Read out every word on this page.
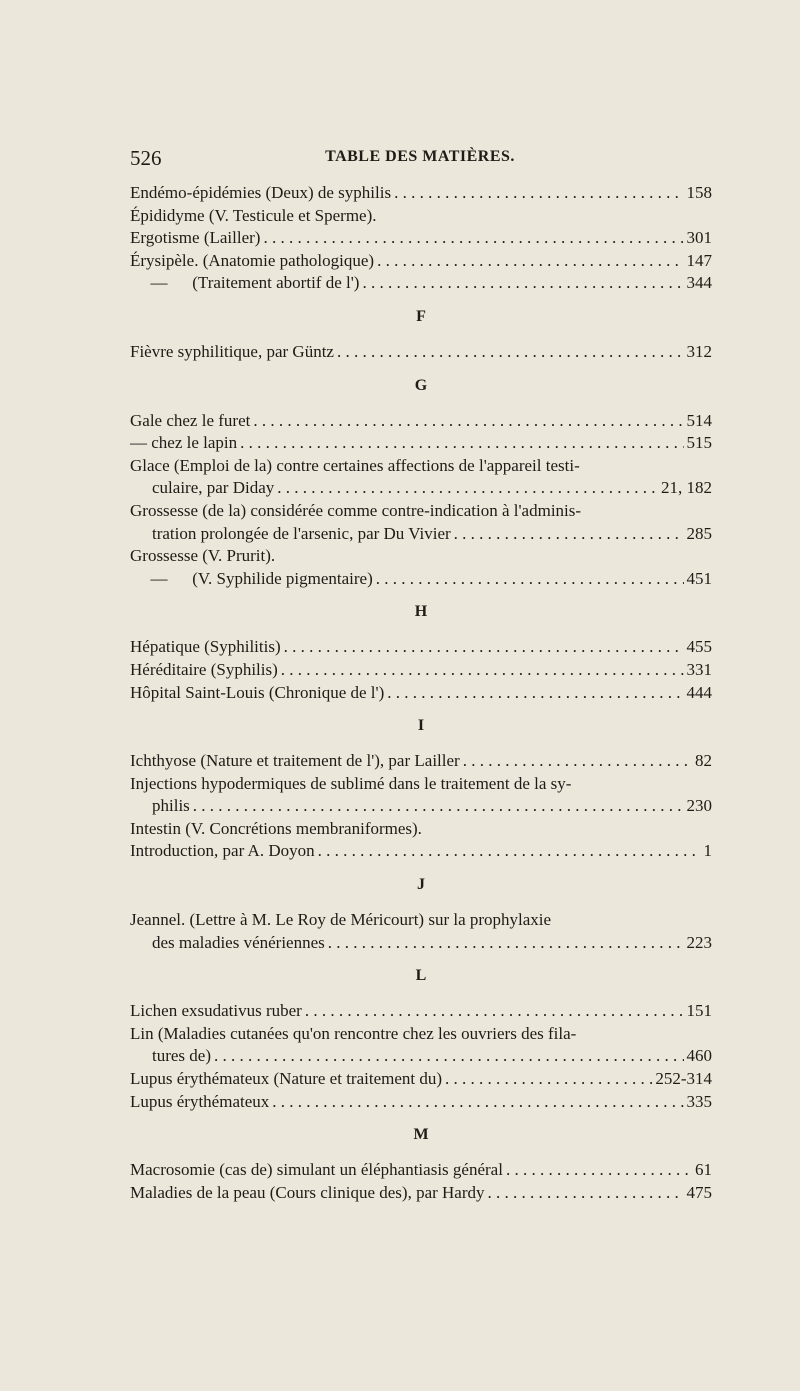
526	TABLE DES MATIÈRES.
Endémo-épidémies (Deux) de syphilis . . .	158
Épididyme (V. Testicule et Sperme).
Ergotisme (Lailler) . . .	301
Érysipèle. (Anatomie pathologique) . . .	147
— (Traitement abortif de l') . . .	344
F
Fièvre syphilitique, par Güntz . . .	312
G
Gale chez le furet . . .	514
— chez le lapin . . .	515
Glace (Emploi de la) contre certaines affections de l'appareil testi-
culaire, par Diday . . .	21, 182
Grossesse (de la) considérée comme contre-indication à l'adminis-
tration prolongée de l'arsenic, par Du Vivier . . .	285
Grossesse (V. Prurit).
— (V. Syphilide pigmentaire) . . .	451
H
Hépatique (Syphilitis) . . .	455
Héréditaire (Syphilis) . . .	331
Hôpital Saint-Louis (Chronique de l') . . .	444
I
Ichthyose (Nature et traitement de l'), par Lailler . . .	82
Injections hypodermiques de sublimé dans le traitement de la sy-
philis . . .	230
Intestin (V. Concrétions membraniformes).
Introduction, par A. Doyon . . .	1
J
Jeannel. (Lettre à M. Le Roy de Méricourt) sur la prophylaxie
des maladies vénériennes . . .	223
L
Lichen exsudativus ruber . . .	151
Lin (Maladies cutanées qu'on rencontre chez les ouvriers des fila-
tures de) . . .	460
Lupus érythémateux (Nature et traitement du) . . .	252-314
Lupus érythémateux . . .	335
M
Macrosomie (cas de) simulant un éléphantiasis général . . .	61
Maladies de la peau (Cours clinique des), par Hardy . . .	475
